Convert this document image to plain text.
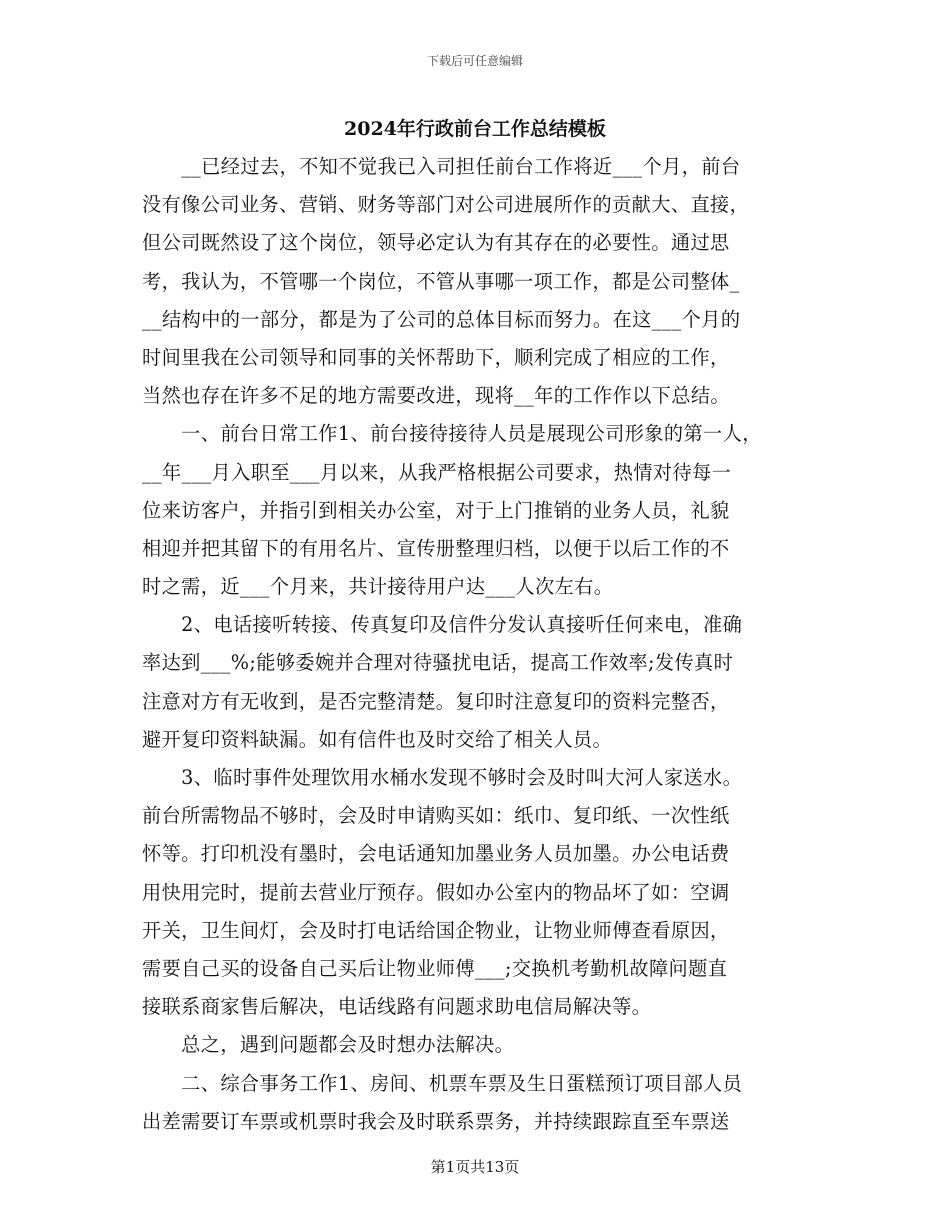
下载后可任意编辑
2024年行政前台工作总结模板
　　__已经过去，不知不觉我已入司担任前台工作将近___个月，前台
没有像公司业务、营销、财务等部门对公司进展所作的贡献大、直接，
但公司既然设了这个岗位，领导必定认为有其存在的必要性。通过思
考，我认为，不管哪一个岗位，不管从事哪一项工作，都是公司整体_
__结构中的一部分，都是为了公司的总体目标而努力。在这___个月的
时间里我在公司领导和同事的关怀帮助下，顺利完成了相应的工作，
当然也存在许多不足的地方需要改进，现将__年的工作作以下总结。
　　一、前台日常工作1、前台接待接待人员是展现公司形象的第一人，
__年___月入职至___月以来，从我严格根据公司要求，热情对待每一
位来访客户，并指引到相关办公室，对于上门推销的业务人员，礼貌
相迎并把其留下的有用名片、宣传册整理归档，以便于以后工作的不
时之需，近___个月来，共计接待用户达___人次左右。
　　2、电话接听转接、传真复印及信件分发认真接听任何来电，准确
率达到___%;能够委婉并合理对待骚扰电话，提高工作效率;发传真时
注意对方有无收到，是否完整清楚。复印时注意复印的资料完整否，
避开复印资料缺漏。如有信件也及时交给了相关人员。
　　3、临时事件处理饮用水桶水发现不够时会及时叫大河人家送水。
前台所需物品不够时，会及时申请购买如：纸巾、复印纸、一次性纸
怀等。打印机没有墨时，会电话通知加墨业务人员加墨。办公电话费
用快用完时，提前去营业厅预存。假如办公室内的物品坏了如：空调
开关，卫生间灯，会及时打电话给国企物业，让物业师傅查看原因，
需要自己买的设备自己买后让物业师傅___;交换机考勤机故障问题直
接联系商家售后解决，电话线路有问题求助电信局解决等。
　　总之，遇到问题都会及时想办法解决。
　　二、综合事务工作1、房间、机票车票及生日蛋糕预订项目部人员
出差需要订车票或机票时我会及时联系票务，并持续跟踪直至车票送
第1页共13页
